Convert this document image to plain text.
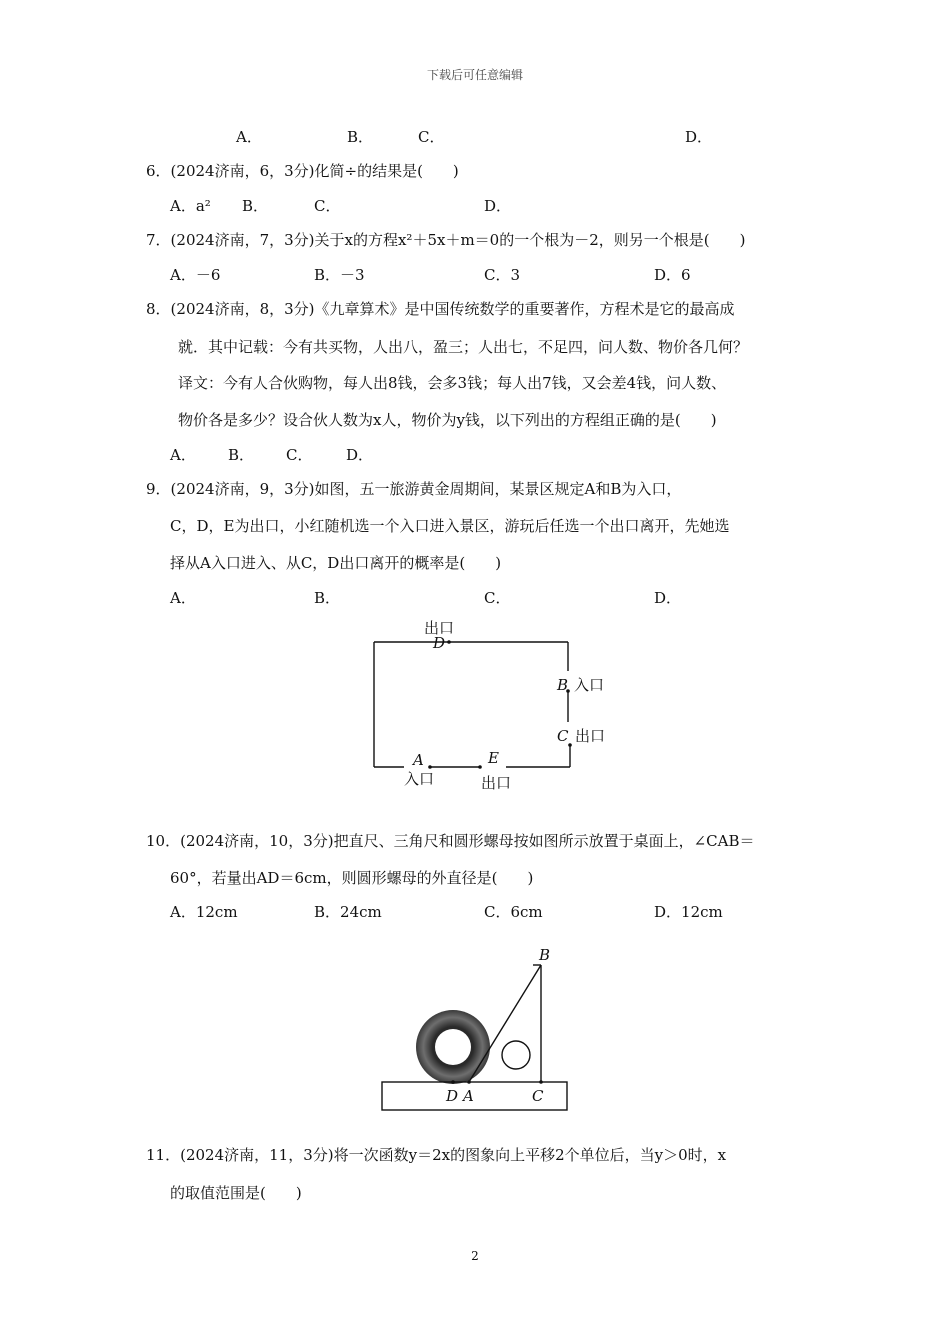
下载后可任意编辑
A．	B．	C．	D．
6．(2024济南，6，3分)化简÷的结果是(　　)
A．a² B．	C．	D．
7．(2024济南，7，3分)关于x的方程x²＋5x＋m＝0的一个根为－2，则另一个根是(　　)
A．－6	B．－3	C．3	D．6
8．(2024济南，8，3分)《九章算术》是中国传统数学的重要著作，方程术是它的最高成
就．其中记载：今有共买物，人出八，盈三；人出七，不足四，问人数、物价各几何？
译文：今有人合伙购物，每人出8钱，会多3钱；每人出7钱，又会差4钱，问人数、
物价各是多少？设合伙人数为x人，物价为y钱，以下列出的方程组正确的是(　　)
A． B． C． D．
9．(2024济南，9，3分)如图，五一旅游黄金周期间，某景区规定A和B为入口，
C，D，E为出口，小红随机选一个入口进入景区，游玩后任选一个出口离开，先她选
择从A入口进入、从C，D出口离开的概率是(　　)
A．	B．	C．	D．
出口
D
B 入口
C 出口
A	E
入口	出口
10．(2024济南，10，3分)把直尺、三角尺和圆形螺母按如图所示放置于桌面上，∠CAB＝
60°，若量出AD＝6cm，则圆形螺母的外直径是(　　)
A．12cm	B．24cm	C．6cm	D．12cm
B
D A	C
11．(2024济南，11，3分)将一次函数y＝2x的图象向上平移2个单位后，当y＞0时，x
的取值范围是(　　)
2
